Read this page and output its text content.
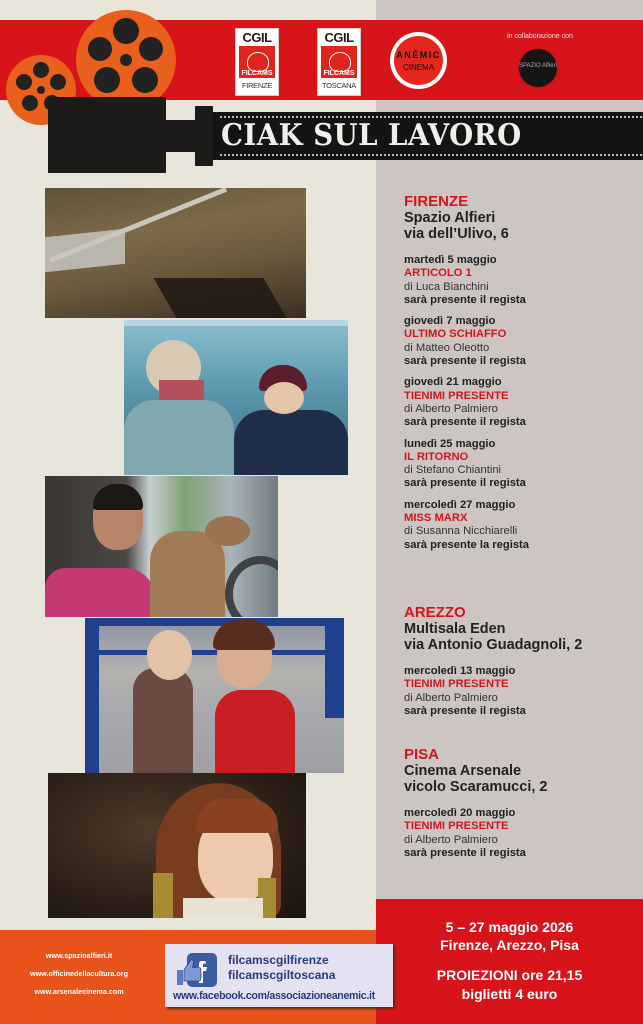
CIAK SUL LAVORO
CGIL
FILCAMS
FIRENZE
CGIL
FILCAMS
TOSCANA
ANÉMIC
CINEMA
in collaborazione con
SPAZIO Alfieri
FIRENZE
Spazio Alfieri
via dell’Ulivo, 6
martedì 5 maggio
ARTICOLO 1
di Luca Bianchini
sarà presente il regista
giovedì 7 maggio
ULTIMO SCHIAFFO
di Matteo Oleotto
sarà presente il regista
giovedì 21 maggio
TIENIMI PRESENTE
di Alberto Palmiero
sarà presente il regista
lunedì 25 maggio
IL RITORNO
di Stefano Chiantini
sarà presente il regista
mercoledì 27 maggio
MISS MARX
di Susanna Nicchiarelli
sarà presente la regista
AREZZO
Multisala Eden
via Antonio Guadagnoli, 2
mercoledì 13 maggio
TIENIMI PRESENTE
di Alberto Palmiero
sarà presente il regista
PISA
Cinema Arsenale
vicolo Scaramucci, 2
mercoledì 20 maggio
TIENIMI PRESENTE
di Alberto Palmiero
sarà presente il regista
www.spazioalfieri.it
www.officinedellacultura.org
www.arsenalecinema.com
filcamscgilfirenze
filcamscgiltoscana
www.facebook.com/associazioneanemic.it
5 – 27 maggio 2026
Firenze, Arezzo, Pisa
PROIEZIONI ore 21,15
biglietti 4 euro
